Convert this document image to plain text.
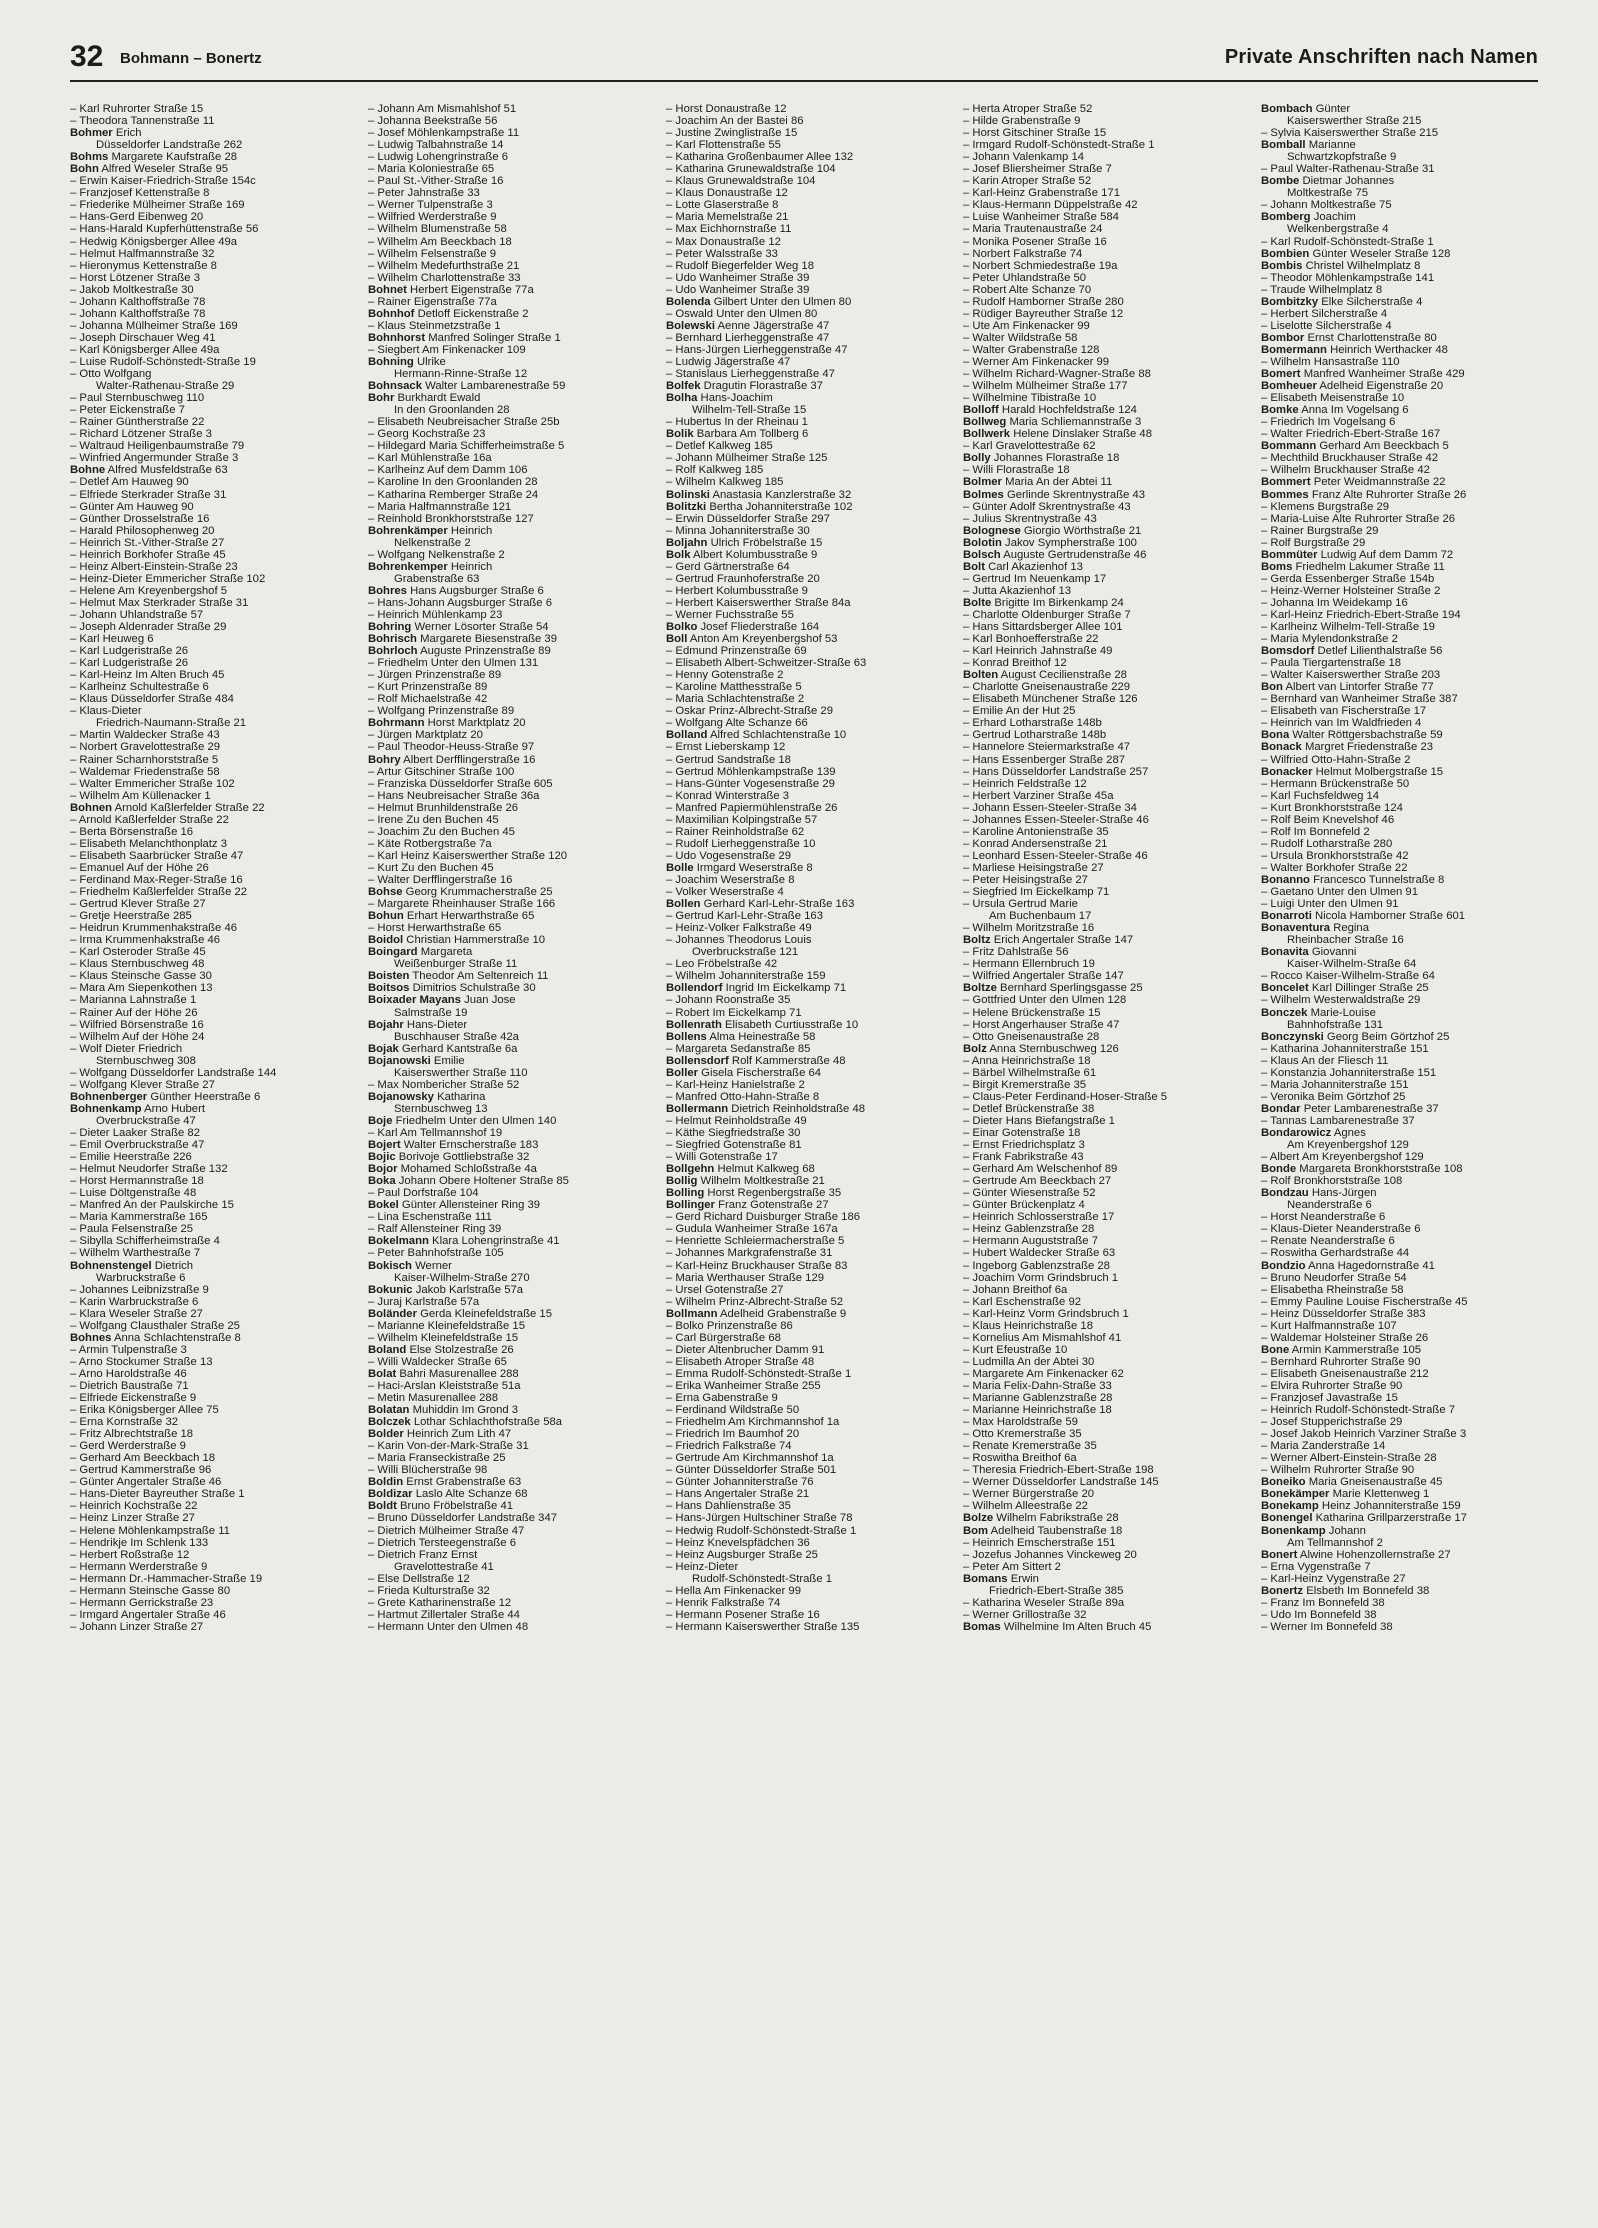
32 Bohmann – Bonertz	Private Anschriften nach Namen
– Karl Ruhrorter Straße 15
– Theodora Tannenstraße 11
Bohmer Erich
Düsseldorfer Landstraße 262
Bohms Margarete Kaufstraße 28
Bohn Alfred Weseler Straße 95
– Erwin Kaiser-Friedrich-Straße 154c
– Franzjosef Kettenstraße 8
– Friederike Mülheimer Straße 169
– Hans-Gerd Eibenweg 20
– Hans-Harald Kupferhüttenstraße 56
– Hedwig Königsberger Allee 49a
– Helmut Halfmannstraße 32
– Hieronymus Kettenstraße 8
– Horst Lötzener Straße 3
– Jakob Moltkestraße 30
– Johann Kalthoffstraße 78
– Johann Kalthoffstraße 78
– Johanna Mülheimer Straße 169
– Joseph Dirschauer Weg 41
– Karl Königsberger Allee 49a
– Luise Rudolf-Schönstedt-Straße 19
– Otto Wolfgang
Walter-Rathenau-Straße 29
– Paul Sternbuschweg 110
– Peter Eickenstraße 7
– Rainer Güntherstraße 22
– Richard Lötzener Straße 3
– Waltraud Heiligenbaumstraße 79
– Winfried Angermunder Straße 3
Bohne Alfred Musfeldstraße 63
– Detlef Am Hauweg 90
– Elfriede Sterkrader Straße 31
– Günter Am Hauweg 90
– Günther Drosselstraße 16
– Harald Philosophenweg 20
– Heinrich St.-Vither-Straße 27
– Heinrich Borkhofer Straße 45
– Heinz Albert-Einstein-Straße 23
– Heinz-Dieter Emmericher Straße 102
– Helene Am Kreyenbergshof 5
– Helmut Max Sterkrader Straße 31
– Johann Uhlandstraße 57
– Joseph Aldenrader Straße 29
– Karl Heuweg 6
– Karl Ludgeristraße 26
– Karl Ludgeristraße 26
– Karl-Heinz Im Alten Bruch 45
– Karlheinz Schultestraße 6
– Klaus Düsseldorfer Straße 484
– Klaus-Dieter
Friedrich-Naumann-Straße 21
– Martin Waldecker Straße 43
– Norbert Gravelottestraße 29
– Rainer Scharnhorststraße 5
– Waldemar Friedenstraße 58
– Walter Emmericher Straße 102
– Wilhelm Am Küllenacker 1
Bohnen Arnold Kaßlerfelder Straße 22
– Arnold Kaßlerfelder Straße 22
– Berta Börsenstraße 16
– Elisabeth Melanchthonplatz 3
– Elisabeth Saarbrücker Straße 47
– Emanuel Auf der Höhe 26
– Ferdinand Max-Reger-Straße 16
– Friedhelm Kaßlerfelder Straße 22
– Gertrud Klever Straße 27
– Gretje Heerstraße 285
– Heidrun Krummenhakstraße 46
– Irma Krummenhakstraße 46
– Karl Osteroder Straße 45
– Klaus Sternbuschweg 48
– Klaus Steinsche Gasse 30
– Mara Am Siepenkothen 13
– Marianna Lahnstraße 1
– Rainer Auf der Höhe 26
– Wilfried Börsenstraße 16
– Wilhelm Auf der Höhe 24
– Wolf Dieter Friedrich
Sternbuschweg 308
– Wolfgang Düsseldorfer Landstraße 144
– Wolfgang Klever Straße 27
Bohnenberger Günther Heerstraße 6
Bohnenkamp Arno Hubert
Overbruckstraße 47
– Dieter Laaker Straße 82
– Emil Overbruckstraße 47
– Emilie Heerstraße 226
– Helmut Neudorfer Straße 132
– Horst Hermannstraße 18
– Luise Döltgenstraße 48
– Manfred An der Paulskirche 15
– Maria Kammerstraße 165
– Paula Felsenstraße 25
– Sibylla Schifferheimstraße 4
– Wilhelm Warthestraße 7
Bohnenstengel Dietrich
Warbruckstraße 6
– Johannes Leibnizstraße 9
– Karin Warbruckstraße 6
– Klara Weseler Straße 27
– Wolfgang Clausthaler Straße 25
Bohnes Anna Schlachtenstraße 8
– Armin Tulpenstraße 3
– Arno Stockumer Straße 13
– Arno Haroldstraße 46
– Dietrich Baustraße 71
– Elfriede Eickenstraße 9
– Erika Königsberger Allee 75
– Erna Kornstraße 32
– Fritz Albrechtstraße 18
– Gerd Werderstraße 9
– Gerhard Am Beeckbach 18
– Gertrud Kammerstraße 96
– Günter Angertaler Straße 46
– Hans-Dieter Bayreuther Straße 1
– Heinrich Kochstraße 22
– Heinz Linzer Straße 27
– Helene Möhlenkampstraße 11
– Hendrikje Im Schlenk 133
– Herbert Roßstraße 12
– Hermann Werderstraße 9
– Hermann Dr.-Hammacher-Straße 19
– Hermann Steinsche Gasse 80
– Hermann Gerrickstraße 23
– Irmgard Angertaler Straße 46
– Johann Linzer Straße 27
– Johann Am Mismahlshof 51
– Johanna Beekstraße 56
– Josef Möhlenkampstraße 11
– Ludwig Talbahnstraße 14
– Ludwig Lohengrinstraße 6
– Maria Koloniestraße 65
– Paul St.-Vither-Straße 16
– Peter Jahnstraße 33
– Werner Tulpenstraße 3
– Wilfried Werderstraße 9
– Wilhelm Blumenstraße 58
– Wilhelm Am Beeckbach 18
– Wilhelm Felsenstraße 9
– Wilhelm Medefurthstraße 21
– Wilhelm Charlottenstraße 33
Bohnet Herbert Eigenstraße 77a
– Rainer Eigenstraße 77a
Bohnhof Detloff Eickenstraße 2
– Klaus Steinmetzstraße 1
Bohnhorst Manfred Solinger Straße 1
– Siegbert Am Finkenacker 109
Bohning Ulrike
Hermann-Rinne-Straße 12
Bohnsack Walter Lambarenestraße 59
Bohr Burkhardt Ewald
In den Groonlanden 28
– Elisabeth Neubreisacher Straße 25b
– Georg Kochstraße 23
– Hildegard Maria Schifferheimstraße 5
– Karl Mühlenstraße 16a
– Karlheinz Auf dem Damm 106
– Karoline In den Groonlanden 28
– Katharina Remberger Straße 24
– Maria Halfmannstraße 121
– Reinhold Bronkhorststraße 127
Bohrenkämper Heinrich
Nelkenstraße 2
– Wolfgang Nelkenstraße 2
Bohrenkemper Heinrich
Grabenstraße 63
Bohres Hans Augsburger Straße 6
– Hans-Johann Augsburger Straße 6
– Heinrich Mühlenkamp 23
Bohring Werner Lösorter Straße 54
Bohrisch Margarete Biesenstraße 39
Bohrloch Auguste Prinzenstraße 89
– Friedhelm Unter den Ulmen 131
– Jürgen Prinzenstraße 89
– Kurt Prinzenstraße 89
– Rolf Michaelstraße 42
– Wolfgang Prinzenstraße 89
Bohrmann Horst Marktplatz 20
– Jürgen Marktplatz 20
– Paul Theodor-Heuss-Straße 97
Bohry Albert Derfflingerstraße 16
– Artur Gitschiner Straße 100
– Franziska Düsseldorfer Straße 605
– Hans Neubreisacher Straße 36a
– Helmut Brunhildenstraße 26
– Irene Zu den Buchen 45
– Joachim Zu den Buchen 45
– Käte Rotbergstraße 7a
– Karl Heinz Kaiserswerther Straße 120
– Kurt Zu den Buchen 45
– Walter Derfflingerstraße 16
Bohse Georg Krummacherstraße 25
– Margarete Rheinhauser Straße 166
Bohun Erhart Herwarthstraße 65
– Horst Herwarthstraße 65
Boidol Christian Hammerstraße 10
Boingard Margareta
Weißenburger Straße 11
Boisten Theodor Am Seltenreich 11
Boitsos Dimitrios Schulstraße 30
Boixader Mayans Juan Jose
Salmstraße 19
Bojahr Hans-Dieter
Buschhauser Straße 42a
Bojak Gerhard Kantstraße 6a
Bojanowski Emilie
Kaiserswerther Straße 110
– Max Nombericher Straße 52
Bojanowsky Katharina
Sternbuschweg 13
Boje Friedhelm Unter den Ulmen 140
– Karl Am Tellmannshof 19
Bojert Walter Ernscherstraße 183
Bojic Borivoje Gottliebstraße 32
Bojor Mohamed Schloßstraße 4a
Boka Johann Obere Holtener Straße 85
– Paul Dorfstraße 104
Bokel Günter Allensteiner Ring 39
– Lina Eschenstraße 111
– Ralf Allensteiner Ring 39
Bokelmann Klara Lohengrinstraße 41
– Peter Bahnhofstraße 105
Bokisch Werner
Kaiser-Wilhelm-Straße 270
Bokunic Jakob Karlstraße 57a
– Juraj Karlstraße 57a
Boländer Gerda Kleinefeldstraße 15
– Marianne Kleinefeldstraße 15
– Wilhelm Kleinefeldstraße 15
Boland Else Stolzestraße 26
– Willi Waldecker Straße 65
Bolat Bahri Masurenallee 288
– Haci-Arslan Kleiststraße 51a
– Metin Masurenallee 288
Bolatan Muhiddin Im Grond 3
Bolczek Lothar Schlachthofstraße 58a
Bolder Heinrich Zum Lith 47
– Karin Von-der-Mark-Straße 31
– Maria Franseckistraße 25
– Willi Blücherstraße 98
Boldin Ernst Grabenstraße 63
Boldizar Laslo Alte Schanze 68
Boldt Bruno Fröbelstraße 41
– Bruno Düsseldorfer Landstraße 347
– Dietrich Mülheimer Straße 47
– Dietrich Tersteegenstraße 6
– Dietrich Franz Ernst
Gravelottestraße 41
– Else Dellstraße 12
– Frieda Kulturstraße 32
– Grete Katharinenstraße 12
– Hartmut Zillertaler Straße 44
– Hermann Unter den Ulmen 48
– Horst Donaustraße 12
– Joachim An der Bastei 86
– Justine Zwinglistraße 15
– Karl Flottenstraße 55
– Katharina Großenbaumer Allee 132
– Katharina Grunewaldstraße 104
– Klaus Grunewaldstraße 104
– Klaus Donaustraße 12
– Lotte Glaserstraße 8
– Maria Memelstraße 21
– Max Eichhornstraße 11
– Max Donaustraße 12
– Peter Walsstraße 33
– Rudolf Biegerfelder Weg 18
– Udo Wanheimer Straße 39
– Udo Wanheimer Straße 39
Bolenda Gilbert Unter den Ulmen 80
– Oswald Unter den Ulmen 80
Bolewski Aenne Jägerstraße 47
– Bernhard Lierheggenstraße 47
– Hans-Jürgen Lierheggenstraße 47
– Ludwig Jägerstraße 47
– Stanislaus Lierheggenstraße 47
Bolfek Dragutin Florastraße 37
Bolha Hans-Joachim
Wilhelm-Tell-Straße 15
– Hubertus In der Rheinau 1
Bolik Barbara Am Tollberg 6
– Detlef Kalkweg 185
– Johann Mülheimer Straße 125
– Rolf Kalkweg 185
– Wilhelm Kalkweg 185
Bolinski Anastasia Kanzlerstraße 32
Bolitzki Bertha Johanniterstraße 102
– Erwin Düsseldorfer Straße 297
– Minna Johanniterstraße 30
Boljahn Ulrich Fröbelstraße 15
Bolk Albert Kolumbusstraße 9
– Gerd Gärtnerstraße 64
– Gertrud Fraunhoferstraße 20
– Herbert Kolumbusstraße 9
– Herbert Kaiserswerther Straße 84a
– Werner Fuchsstraße 55
Bolko Josef Fliederstraße 164
Boll Anton Am Kreyenbergshof 53
– Edmund Prinzenstraße 69
– Elisabeth Albert-Schweitzer-Straße 63
– Henny Gotenstraße 2
– Karoline Matthesstraße 5
– Maria Schlachtenstraße 2
– Oskar Prinz-Albrecht-Straße 29
– Wolfgang Alte Schanze 66
Bolland Alfred Schlachtenstraße 10
– Ernst Lieberskamp 12
– Gertrud Sandstraße 18
– Gertrud Möhlenkampstraße 139
– Hans-Günter Vogesenstraße 29
– Konrad Winterstraße 3
– Manfred Papiermühlenstraße 26
– Maximilian Kolpingstraße 57
– Rainer Reinholdstraße 62
– Rudolf Lierheggenstraße 10
– Udo Vogesenstraße 29
Bolle Irmgard Weserstraße 8
– Joachim Weserstraße 8
– Volker Weserstraße 4
Bollen Gerhard Karl-Lehr-Straße 163
– Gertrud Karl-Lehr-Straße 163
– Heinz-Volker Falkstraße 49
– Johannes Theodorus Louis
Overbruckstraße 121
– Leo Fröbelstraße 42
– Wilhelm Johanniterstraße 159
Bollendorf Ingrid Im Eickelkamp 71
– Johann Roonstraße 35
– Robert Im Eickelkamp 71
Bollenrath Elisabeth Curtiusstraße 10
Bollens Alma Heinestraße 58
– Margareta Sedanstraße 85
Bollensdorf Rolf Kammerstraße 48
Boller Gisela Fischerstraße 64
– Karl-Heinz Hanielstraße 2
– Manfred Otto-Hahn-Straße 8
Bollermann Dietrich Reinholdstraße 48
– Helmut Reinholdstraße 49
– Käthe Siegfriedstraße 30
– Siegfried Gotenstraße 81
– Willi Gotenstraße 17
Bollgehn Helmut Kalkweg 68
Bollig Wilhelm Moltkestraße 21
Bolling Horst Regenbergstraße 35
Bollinger Franz Gotenstraße 27
– Gerd Richard Duisburger Straße 186
– Gudula Wanheimer Straße 167a
– Henriette Schleiermacherstraße 5
– Johannes Markgrafenstraße 31
– Karl-Heinz Bruckhauser Straße 83
– Maria Werthauser Straße 129
– Ursel Gotenstraße 27
– Wilhelm Prinz-Albrecht-Straße 52
Bollmann Adelheid Grabenstraße 9
– Bolko Prinzenstraße 86
– Carl Bürgerstraße 68
– Dieter Altenbrucher Damm 91
– Elisabeth Atroper Straße 48
– Emma Rudolf-Schönstedt-Straße 1
– Erika Wanheimer Straße 255
– Erna Gabenstraße 9
– Ferdinand Wildstraße 50
– Friedhelm Am Kirchmannshof 1a
– Friedrich Im Baumhof 20
– Friedrich Falkstraße 74
– Gertrude Am Kirchmannshof 1a
– Günter Düsseldorfer Straße 501
– Günter Johanniterstraße 76
– Hans Angertaler Straße 21
– Hans Dahlienstraße 35
– Hans-Jürgen Hultschiner Straße 78
– Hedwig Rudolf-Schönstedt-Straße 1
– Heinz Knevelspfädchen 36
– Heinz Augsburger Straße 25
– Heinz-Dieter
Rudolf-Schönstedt-Straße 1
– Hella Am Finkenacker 99
– Henrik Falkstraße 74
– Hermann Posener Straße 16
– Hermann Kaiserswerther Straße 135
– Herta Atroper Straße 52
– Hilde Grabenstraße 9
– Horst Gitschiner Straße 15
– Irmgard Rudolf-Schönstedt-Straße 1
– Johann Valenkamp 14
– Josef Bliersheimer Straße 7
– Karin Atroper Straße 52
– Karl-Heinz Grabenstraße 171
– Klaus-Hermann Düppelstraße 42
– Luise Wanheimer Straße 584
– Maria Trautenaustraße 24
– Monika Posener Straße 16
– Norbert Falkstraße 74
– Norbert Schmiedestraße 19a
– Peter Uhlandstraße 50
– Robert Alte Schanze 70
– Rudolf Hamborner Straße 280
– Rüdiger Bayreuther Straße 12
– Ute Am Finkenacker 99
– Walter Wildstraße 58
– Walter Grabenstraße 128
– Werner Am Finkenacker 99
– Wilhelm Richard-Wagner-Straße 88
– Wilhelm Mülheimer Straße 177
– Wilhelmine Tibistraße 10
Bolloff Harald Hochfeldstraße 124
Bollweg Maria Schliemannstraße 3
Bollwerk Helene Dinslaker Straße 48
– Karl Gravelottestraße 62
Bolly Johannes Florastraße 18
– Willi Florastraße 18
Bolmer Maria An der Abtei 11
Bolmes Gerlinde Skrentnystraße 43
– Günter Adolf Skrentnystraße 43
– Julius Skrentnystraße 43
Bolognese Giorgio Wörthstraße 21
Bolotin Jakov Sympherstraße 100
Bolsch Auguste Gertrudenstraße 46
Bolt Carl Akazienhof 13
– Gertrud Im Neuenkamp 17
– Jutta Akazienhof 13
Bolte Brigitte Im Birkenkamp 24
– Charlotte Oldenburger Straße 7
– Hans Sittardsberger Allee 101
– Karl Bonhoefferstraße 22
– Karl Heinrich Jahnstraße 49
– Konrad Breithof 12
Bolten August Cecilienstraße 28
– Charlotte Gneisenaustraße 229
– Elisabeth Münchener Straße 126
– Emilie An der Hut 25
– Erhard Lotharstraße 148b
– Gertrud Lotharstraße 148b
– Hannelore Steiermarkstraße 47
– Hans Essenberger Straße 287
– Hans Düsseldorfer Landstraße 257
– Heinrich Feldstraße 12
– Herbert Varziner Straße 45a
– Johann Essen-Steeler-Straße 34
– Johannes Essen-Steeler-Straße 46
– Karoline Antonienstraße 35
– Konrad Andersenstraße 21
– Leonhard Essen-Steeler-Straße 46
– Marliese Heisingstraße 27
– Peter Heisingstraße 27
– Siegfried Im Eickelkamp 71
– Ursula Gertrud Marie
Am Buchenbaum 17
– Wilhelm Moritzstraße 16
Boltz Erich Angertaler Straße 147
– Fritz Dahlstraße 56
– Hermann Ellernbruch 19
– Wilfried Angertaler Straße 147
Boltze Bernhard Sperlingsgasse 25
– Gottfried Unter den Ulmen 128
– Helene Brückenstraße 15
– Horst Angerhauser Straße 47
– Otto Gneisenaustraße 28
Bolz Anna Sternbuschweg 126
– Anna Heinrichstraße 18
– Bärbel Wilhelmstraße 61
– Birgit Kremerstraße 35
– Claus-Peter Ferdinand-Hoser-Straße 5
– Detlef Brückenstraße 38
– Dieter Hans Biefangstraße 1
– Einar Gotenstraße 18
– Ernst Friedrichsplatz 3
– Frank Fabrikstraße 43
– Gerhard Am Welschenhof 89
– Gertrude Am Beeckbach 27
– Günter Wiesenstraße 52
– Günter Brückenplatz 4
– Heinrich Schlosserstraße 17
– Heinz Gablenzstraße 28
– Hermann Auguststraße 7
– Hubert Waldecker Straße 63
– Ingeborg Gablenzstraße 28
– Joachim Vorm Grindsbruch 1
– Johann Breithof 6a
– Karl Eschenstraße 92
– Karl-Heinz Vorm Grindsbruch 1
– Klaus Heinrichstraße 18
– Kornelius Am Mismahlshof 41
– Kurt Efeustraße 10
– Ludmilla An der Abtei 30
– Margarete Am Finkenacker 62
– Maria Felix-Dahn-Straße 33
– Marianne Gablenzstraße 28
– Marianne Heinrichstraße 18
– Max Haroldstraße 59
– Otto Kremerstraße 35
– Renate Kremerstraße 35
– Roswitha Breithof 6a
– Theresia Friedrich-Ebert-Straße 198
– Werner Düsseldorfer Landstraße 145
– Werner Bürgerstraße 20
– Wilhelm Alleestraße 22
Bolze Wilhelm Fabrikstraße 28
Bom Adelheid Taubenstraße 18
– Heinrich Emscherstraße 151
– Jozefus Johannes Vinckeweg 20
– Peter Am Sittert 2
Bomans Erwin
Friedrich-Ebert-Straße 385
– Katharina Weseler Straße 89a
– Werner Grillostraße 32
Bomas Wilhelmine Im Alten Bruch 45
Bombach Günter
Kaiserswerther Straße 215
– Sylvia Kaiserswerther Straße 215
Bomball Marianne
Schwartzkopfstraße 9
– Paul Walter-Rathenau-Straße 31
Bombe Dietmar Johannes
Moltkestraße 75
– Johann Moltkestraße 75
Bomberg Joachim
Welkenbergstraße 4
– Karl Rudolf-Schönstedt-Straße 1
Bombien Günter Weseler Straße 128
Bombis Christel Wilhelmplatz 8
– Theodor Möhlenkampstraße 141
– Traude Wilhelmplatz 8
Bombitzky Elke Silcherstraße 4
– Herbert Silcherstraße 4
– Liselotte Silcherstraße 4
Bombor Ernst Charlottenstraße 80
Bomermann Heinrich Werthacker 48
– Wilhelm Hansastraße 110
Bomert Manfred Wanheimer Straße 429
Bomheuer Adelheid Eigenstraße 20
– Elisabeth Meisenstraße 10
Bomke Anna Im Vogelsang 6
– Friedrich Im Vogelsang 6
– Walter Friedrich-Ebert-Straße 167
Bommann Gerhard Am Beeckbach 5
– Mechthild Bruckhauser Straße 42
– Wilhelm Bruckhauser Straße 42
Bommert Peter Weidmannstraße 22
Bommes Franz Alte Ruhrorter Straße 26
– Klemens Burgstraße 29
– Maria-Luise Alte Ruhrorter Straße 26
– Rainer Burgstraße 29
– Rolf Burgstraße 29
Bommüter Ludwig Auf dem Damm 72
Boms Friedhelm Lakumer Straße 11
– Gerda Essenberger Straße 154b
– Heinz-Werner Holsteiner Straße 2
– Johanna Im Weidekamp 16
– Karl-Heinz Friedrich-Ebert-Straße 194
– Karlheinz Wilhelm-Tell-Straße 19
– Maria Mylendonkstraße 2
Bomsdorf Detlef Lilienthalstraße 56
– Paula Tiergartenstraße 18
– Walter Kaiserswerther Straße 203
Bon Albert van Lintorfer Straße 77
– Bernhard van Wanheimer Straße 387
– Elisabeth van Fischerstraße 17
– Heinrich van Im Waldfrieden 4
Bona Walter Röttgersbachstraße 59
Bonack Margret Friedenstraße 23
– Wilfried Otto-Hahn-Straße 2
Bonacker Helmut Molbergstraße 15
– Hermann Brückenstraße 50
– Karl Fuchsfeldweg 14
– Kurt Bronkhorststraße 124
– Rolf Beim Knevelshof 46
– Rolf Im Bonnefeld 2
– Rudolf Lotharstraße 280
– Ursula Bronkhorststraße 42
– Walter Borkhofer Straße 22
Bonanno Francesco Tunnelstraße 8
– Gaetano Unter den Ulmen 91
– Luigi Unter den Ulmen 91
Bonarroti Nicola Hamborner Straße 601
Bonaventura Regina
Rheinbacher Straße 16
Bonavita Giovanni
Kaiser-Wilhelm-Straße 64
– Rocco Kaiser-Wilhelm-Straße 64
Boncelet Karl Dillinger Straße 25
– Wilhelm Westerwaldstraße 29
Bonczek Marie-Louise
Bahnhofstraße 131
Bonczynski Georg Beim Görtzhof 25
– Katharina Johanniterstraße 151
– Klaus An der Fliesch 11
– Konstanzia Johanniterstraße 151
– Maria Johanniterstraße 151
– Veronika Beim Görtzhof 25
Bondar Peter Lambarenestraße 37
– Tannas Lambarenestraße 37
Bondarowicz Agnes
Am Kreyenbergshof 129
– Albert Am Kreyenbergshof 129
Bonde Margareta Bronkhorststraße 108
– Rolf Bronkhorststraße 108
Bondzau Hans-Jürgen
Neanderstraße 6
– Horst Neanderstraße 6
– Klaus-Dieter Neanderstraße 6
– Renate Neanderstraße 6
– Roswitha Gerhardstraße 44
Bondzio Anna Hagedornstraße 41
– Bruno Neudorfer Straße 54
– Elisabetha Rheinstraße 58
– Emmy Pauline Louise Fischerstraße 45
– Heinz Düsseldorfer Straße 383
– Kurt Halfmannstraße 107
– Waldemar Holsteiner Straße 26
Bone Armin Kammerstraße 105
– Bernhard Ruhrorter Straße 90
– Elisabeth Gneisenaustraße 212
– Elvira Ruhrorter Straße 90
– Franzjosef Javastraße 15
– Heinrich Rudolf-Schönstedt-Straße 7
– Josef Stupperichstraße 29
– Josef Jakob Heinrich Varziner Straße 3
– Maria Zanderstraße 14
– Werner Albert-Einstein-Straße 28
– Wilhelm Ruhrorter Straße 90
Boneiko Maria Gneisenaustraße 45
Bonekämper Marie Klettenweg 1
Bonekamp Heinz Johanniterstraße 159
Bonengel Katharina Grillparzerstraße 17
Bonenkamp Johann
Am Tellmannshof 2
Bonert Alwine Hohenzollernstraße 27
– Erna Vygenstraße 7
– Karl-Heinz Vygenstraße 27
Bonertz Elsbeth Im Bonnefeld 38
– Franz Im Bonnefeld 38
– Udo Im Bonnefeld 38
– Werner Im Bonnefeld 38
